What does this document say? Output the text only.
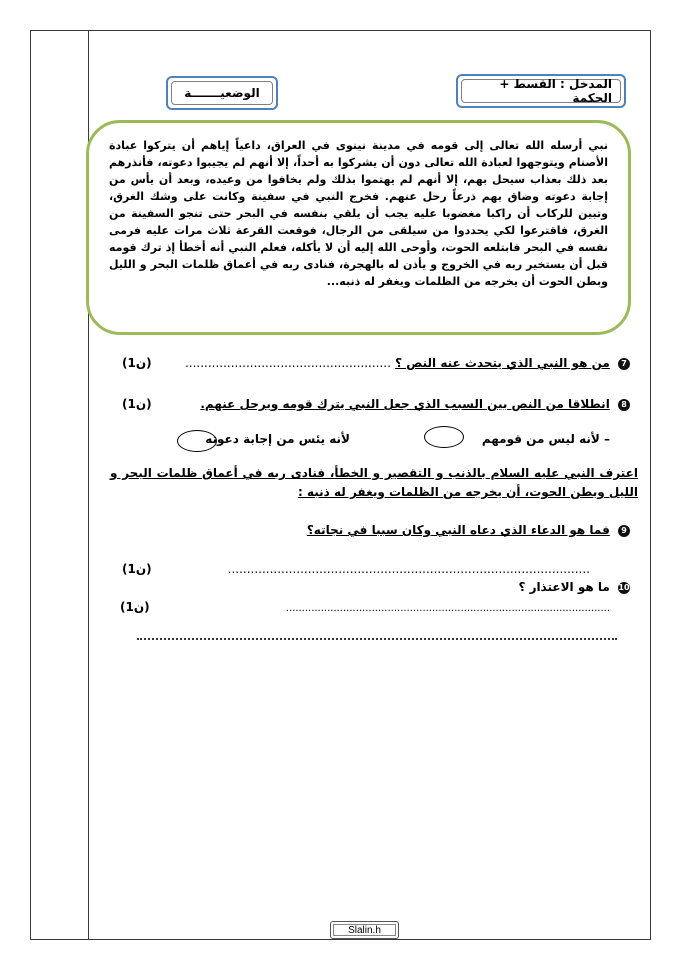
المدخل : القسط + الحكمة
الوضعيـــــــة
نبي أرسله الله تعالى إلى قومه في مدينة نينوى في العراق، داعياً إياهم أن يتركوا عبادة الأصنام ويتوجهوا لعبادة الله تعالى دون أن يشركوا به أحداً، إلا أنهم لم يجيبوا دعوته، فأنذرهم بعد ذلك بعذاب سيحل بهم، إلا أنهم لم يهتموا بذلك ولم يخافوا من وعيده، وبعد أن يأس من إجابة دعوته وضاق بهم ذرعاً رحل عنهم. فخرج النبي في سفينة وكانت على وشك الغرق، وتبين للركاب أن راكبا مغضوبا عليه يجب أن يلقي بنفسه في البحر حتى تنجو السفينة من الغرق، فاقترعوا لكي يحددوا من سيلقى من الرجال، فوقعت القرعة ثلاث مرات عليه فرمى نفسه في البحر فابتلعه الحوت، وأوحى الله إليه أن لا يأكله، فعلم النبي أنه أخطأ إذ ترك قومه قبل أن يستخير ربه في الخروج و يأذن له بالهجرة، فنادى ربه في أعماق ظلمات البحر و الليل وبطن الحوت أن يخرجه من الظلمات ويغفر له ذنبه...
7 من هو النبي الذي يتحدث عنه النص ؟ ......................................................
(1ن)
8 انطلاقا من النص بين السبب الذي جعل النبي يترك قومه ويرحل عنهم.
(1ن)
– لأنه ليس من قومهم
لأنه يئس من إجابة دعوته
اعترف النبي عليه السلام بالذنب و التقصير و الخطأ، فنادى ربه في أعماق ظلمات البحر و الليل وبطن الحوت، أن يخرجه من الظلمات ويغفر له ذنبه :
9 فما هو الدعاء الذي دعاه النبي وكان سببا في نجاته؟
...............................................................................................
(1ن)
10 ما هو الاعتذار ؟
......................................................................................................
(1ن)
Slalin.h
